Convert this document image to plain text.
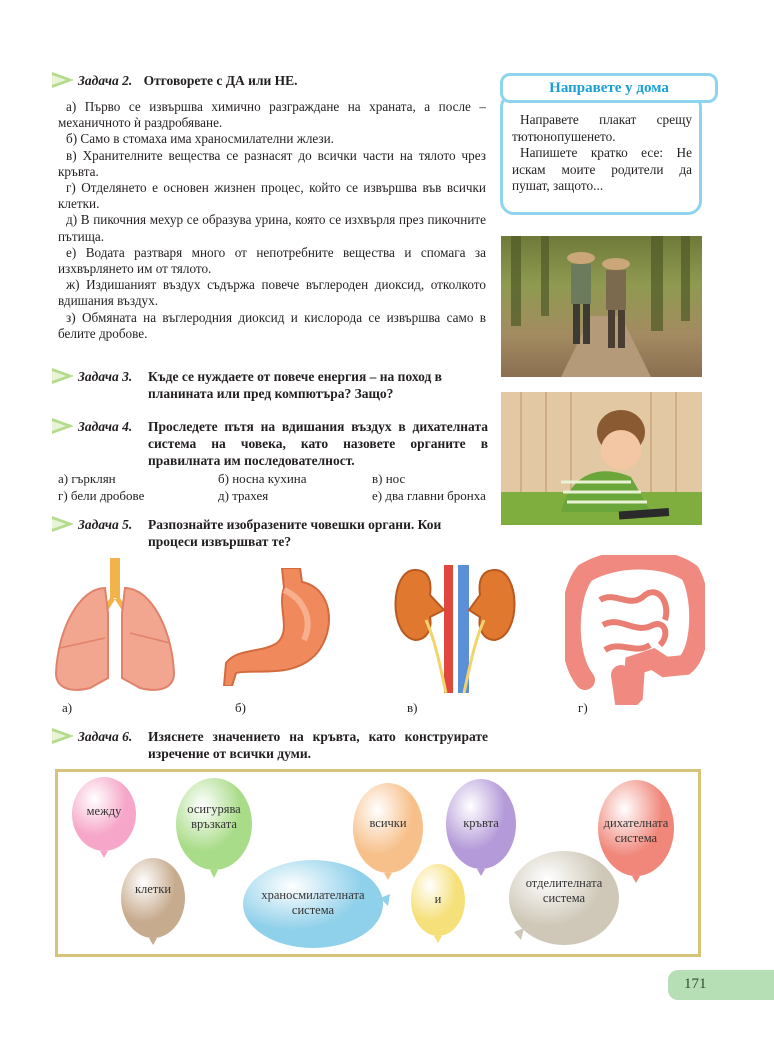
Задача 2. Отговорете с ДА или НЕ.

а) Първо се извършва химично разграждане на храната, а после – механичното ѝ раздробяване.

б) Само в стомаха има храносмилателни жлези.

в) Хранителните вещества се разнасят до всички части на тялото чрез кръвта.

г) Отделянето е основен жизнен процес, който се извършва във всички клетки.

д) В пикочния мехур се образува урина, която се изхвърля през пикочните пътища.

е) Водата разтваря много от непотребните вещества и спомага за изхвърлянето им от тялото.

ж) Издишаният въздух съдържа повече въглероден диоксид, отколкото вдишания въздух.

з) Обмяната на въглеродния диоксид и кислорода се извършва само в белите дробове.

Задача 3. Къде се нуждаете от повече енергия – на поход в планината или пред компютъра? Защо?
Задача 4. Проследете пътя на вдишания въздух в дихателната система на човека, като назовете органите в правилната им последователност.
а) гърклян	б) носна кухина	в) нос
г) бели дробове	д) трахея	е) два главни бронха
Задача 5. Разпознайте изобразените човешки органи. Кои процеси извършват те?
а)	б)	в)	г)
Задача 6. Изяснете значението на кръвта, като конструирате изречение от всички думи.
между	осигурява връзката	всички	кръвта	дихателната система
клетки	храносмилателната система
и
отделителната система
Направете у дома
Направете плакат срещу тютюнопушенето.
Напишете кратко есе: Не искам моите родители да пушат, защото...
171
